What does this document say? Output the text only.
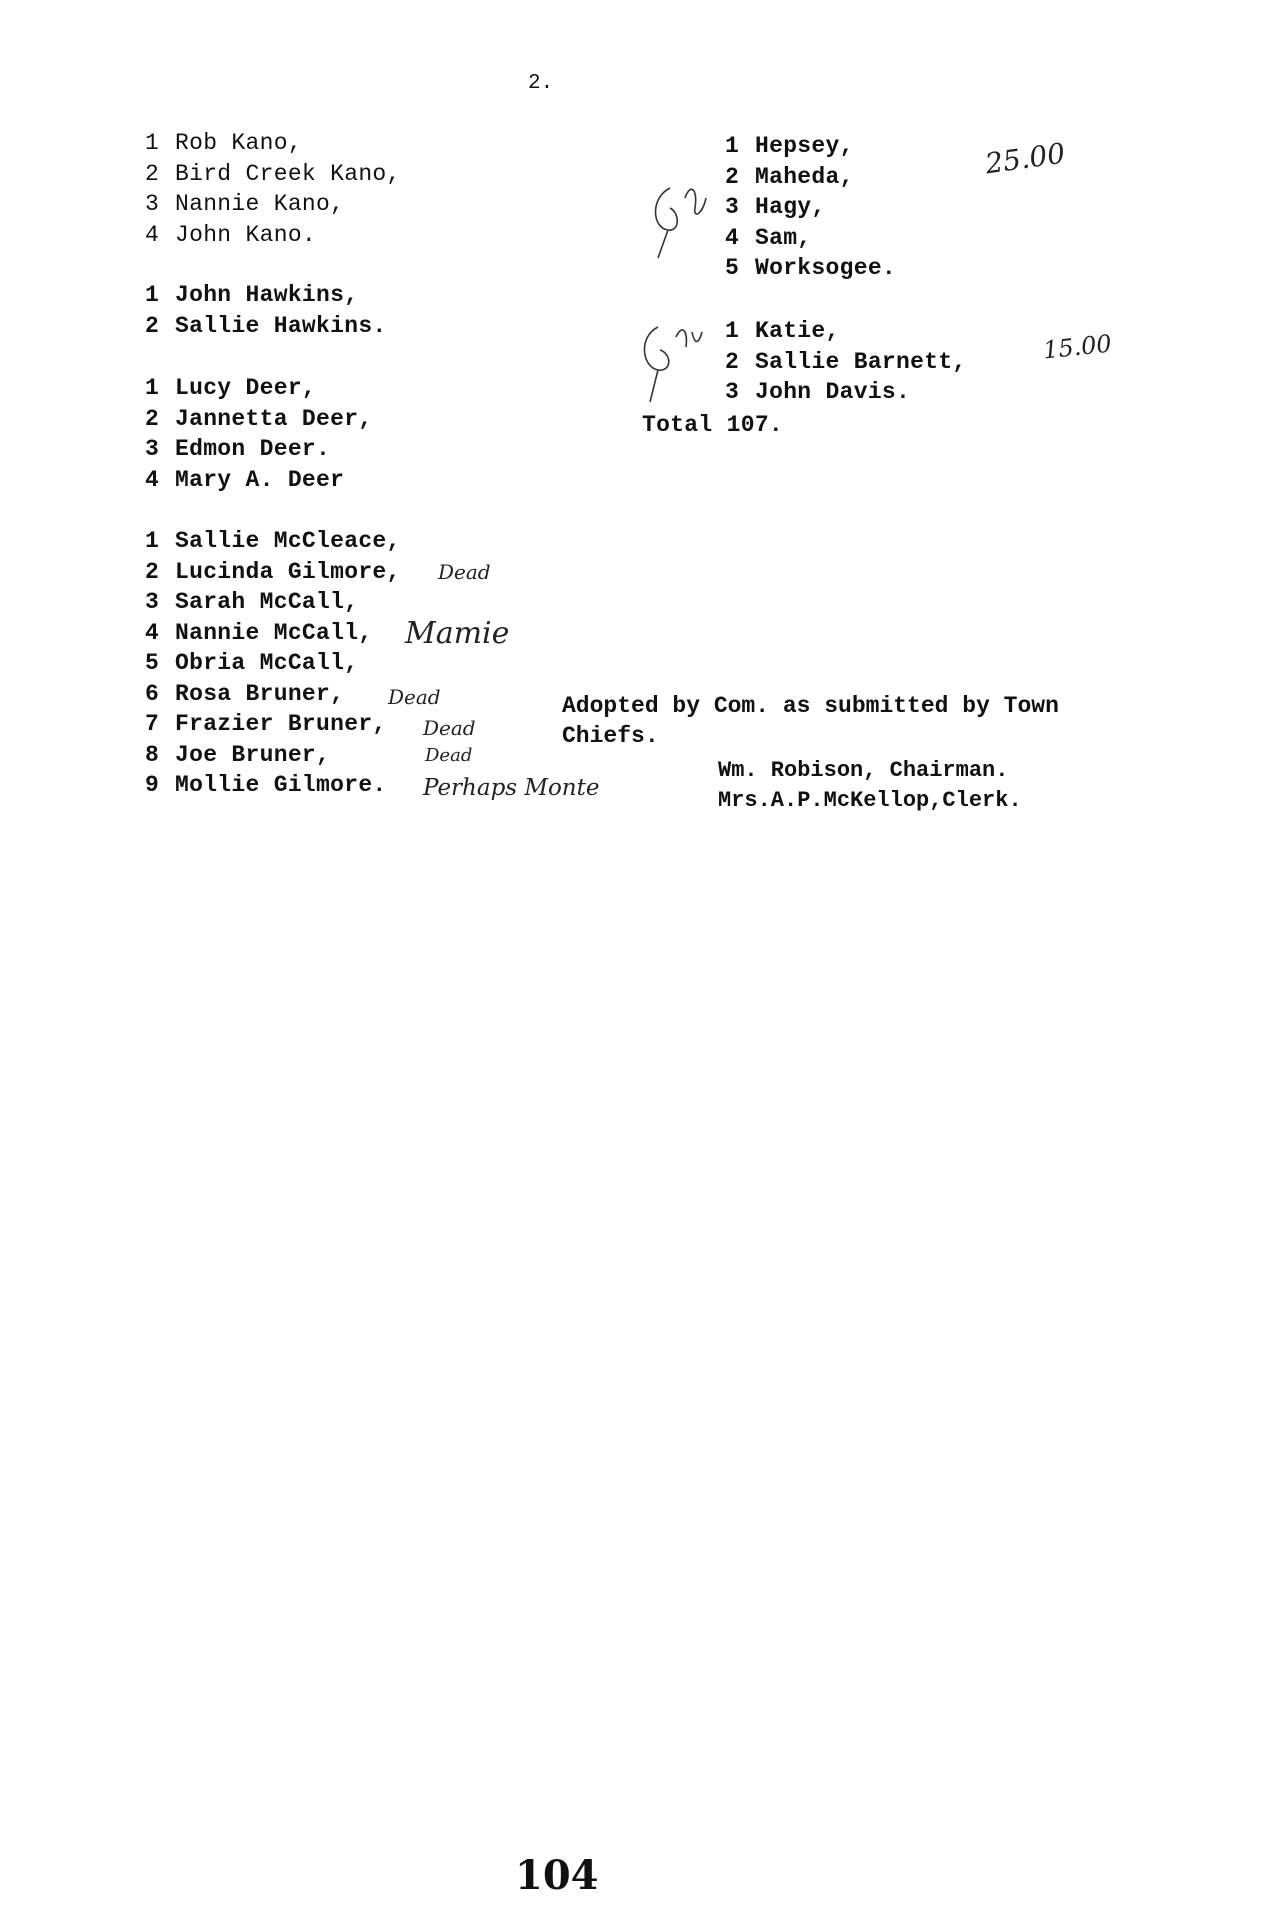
2.
1 Rob Kano,
2 Bird Creek Kano,
3 Nannie Kano,
4 John Kano.
1 John Hawkins,
2 Sallie Hawkins.
1 Lucy Deer,
2 Jannetta Deer,
3 Edmon Deer.
4 Mary A. Deer
1 Sallie McCleace,
2 Lucinda Gilmore,
3 Sarah McCall,
4 Nannie McCall,
5 Obria McCall,
6 Rosa Bruner,
7 Frazier Bruner,
8 Joe Bruner,
9 Mollie Gilmore.
1 Hepsey,
2 Maheda,
3 Hagy,
4 Sam,
5 Worksogee.
1 Katie,
2 Sallie Barnett,
3 John Davis.
Total 107.
25.00
15.00
Dead
Mamie
Dead
Dead
Dead
Perhaps Monte
Adopted by Com. as submitted by Town
Chiefs.
Wm. Robison, Chairman.
Mrs.A.P.McKellop,Clerk.
104
